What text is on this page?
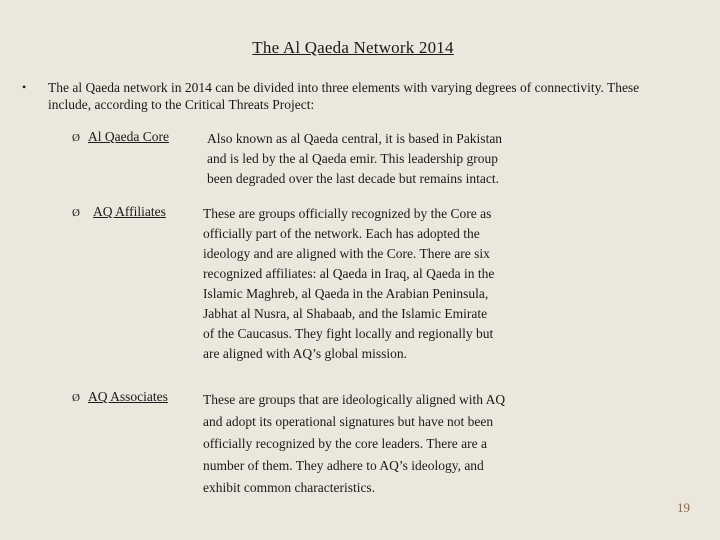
The Al Qaeda Network 2014
• The al Qaeda network in 2014 can be divided into three elements with varying degrees of connectivity. These include, according to the Critical Threats Project:
Ø Al Qaeda Core	Also known as al Qaeda central, it is based in Pakistan
and is led by the al Qaeda emir. This leadership group
been degraded over the last decade but remains intact.
Ø AQ Affiliates	These are groups officially recognized by the Core as
officially part of the network. Each has adopted the
ideology and are aligned with the Core. There are six
recognized affiliates: al Qaeda in Iraq, al Qaeda in the
Islamic Maghreb, al Qaeda in the Arabian Peninsula,
Jabhat al Nusra, al Shabaab, and the Islamic Emirate
of the Caucasus. They fight locally and regionally but
are aligned with AQ’s global mission.
Ø AQ Associates	These are groups that are ideologically aligned with AQ
and adopt its operational signatures but have not been
officially recognized by the core leaders. There are a
number of them. They adhere to AQ’s ideology, and
exhibit common characteristics.
19
